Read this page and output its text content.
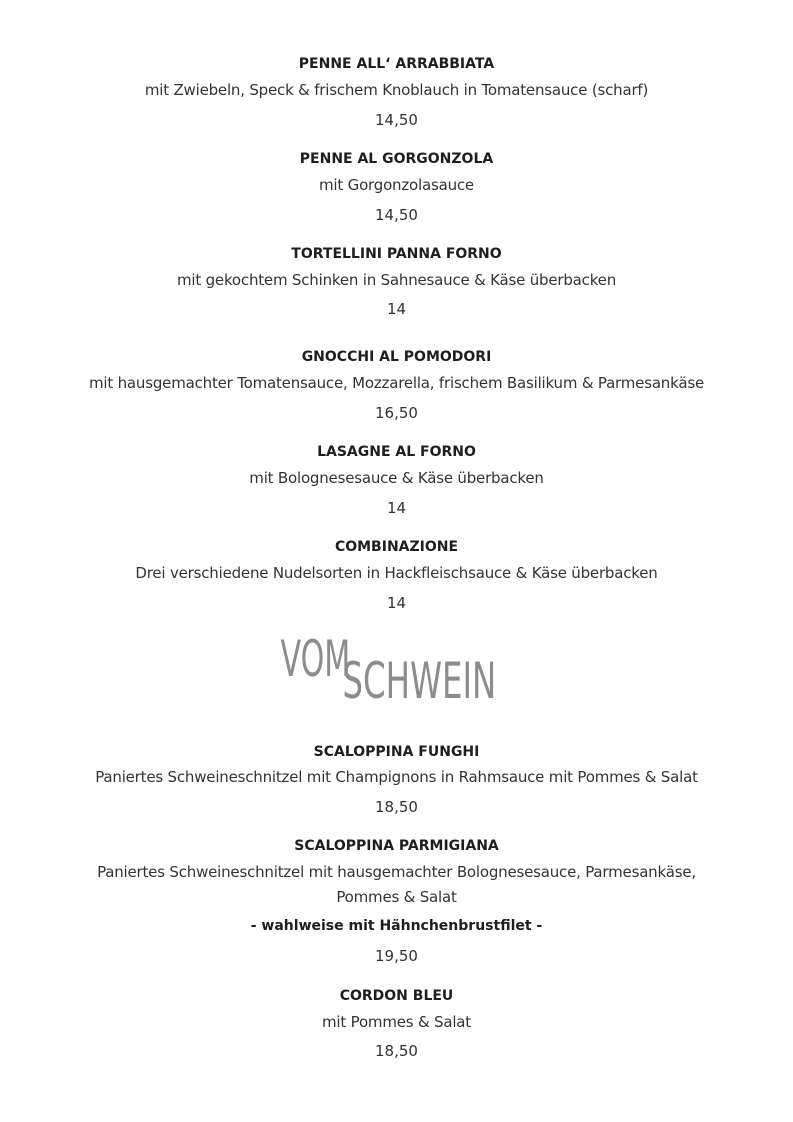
PENNE ALL‘ ARRABBIATA
mit Zwiebeln, Speck & frischem Knoblauch in Tomatensauce (scharf)
14,50
PENNE AL GORGONZOLA
mit Gorgonzolasauce
14,50
TORTELLINI PANNA FORNO
mit gekochtem Schinken in Sahnesauce & Käse überbacken
14
GNOCCHI AL POMODORI
mit hausgemachter Tomatensauce, Mozzarella, frischem Basilikum & Parmesankäse
16,50
LASAGNE AL FORNO
mit Bolognesesauce & Käse überbacken
14
COMBINAZIONE
Drei verschiedene Nudelsorten in Hackfleischsauce & Käse überbacken
14
VOM
SCHWEIN
SCALOPPINA FUNGHI
Paniertes Schweineschnitzel mit Champignons in Rahmsauce mit Pommes & Salat
18,50
SCALOPPINA PARMIGIANA
Paniertes Schweineschnitzel mit hausgemachter Bolognesesauce, Parmesankäse,
Pommes & Salat
- wahlweise mit Hähnchenbrustfilet -
19,50
CORDON BLEU
mit Pommes & Salat
18,50
